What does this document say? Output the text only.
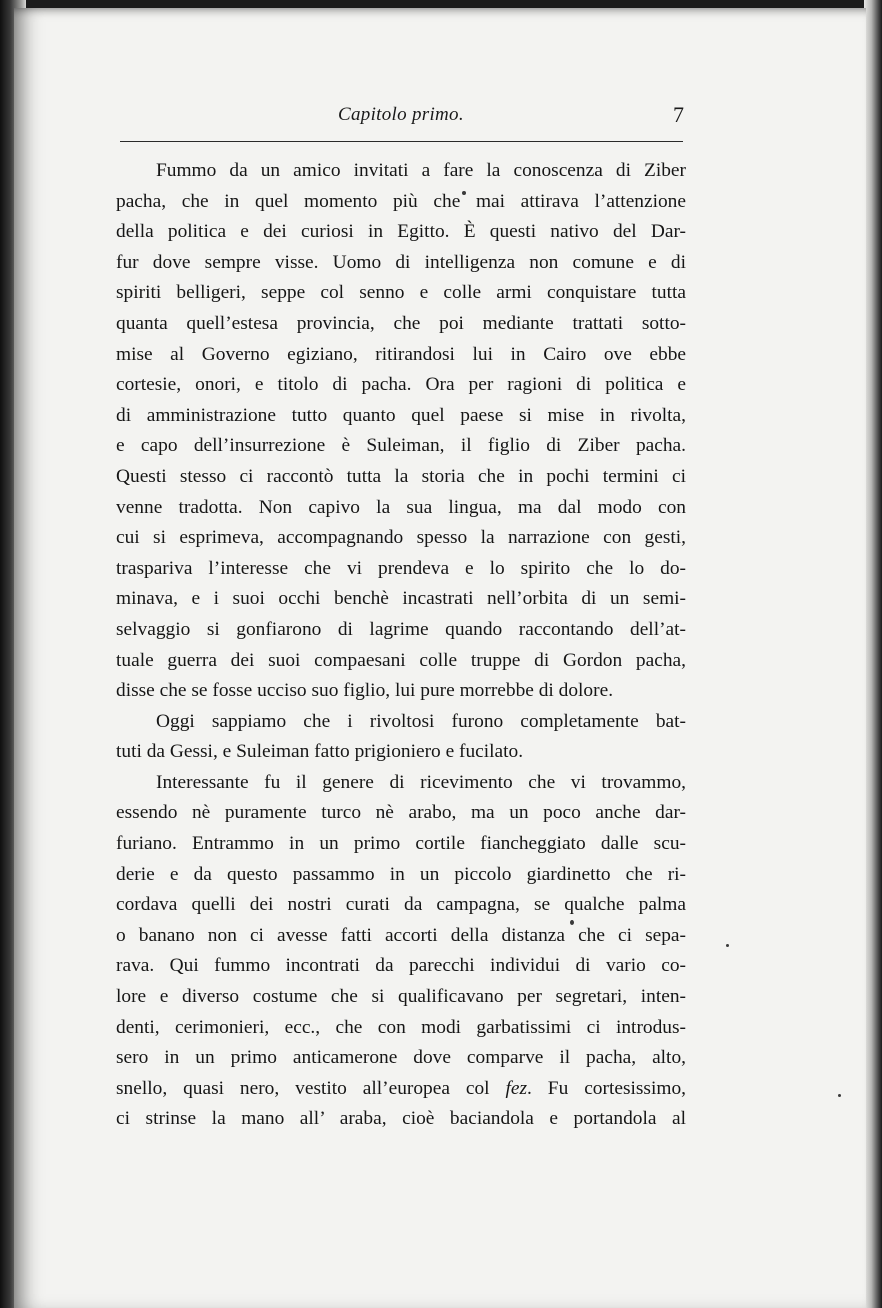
Capitolo primo.	7
Fummo da un amico invitati a fare la conoscenza di Ziber
pacha, che in quel momento più che mai attirava l’attenzione
della politica e dei curiosi in Egitto. È questi nativo del Dar-
fur dove sempre visse. Uomo di intelligenza non comune e di
spiriti belligeri, seppe col senno e colle armi conquistare tutta
quanta quell’estesa provincia, che poi mediante trattati sotto-
mise al Governo egiziano, ritirandosi lui in Cairo ove ebbe
cortesie, onori, e titolo di pacha. Ora per ragioni di politica e
di amministrazione tutto quanto quel paese si mise in rivolta,
e capo dell’insurrezione è Suleiman, il figlio di Ziber pacha.
Questi stesso ci raccontò tutta la storia che in pochi termini ci
venne tradotta. Non capivo la sua lingua, ma dal modo con
cui si esprimeva, accompagnando spesso la narrazione con gesti,
traspariva l’interesse che vi prendeva e lo spirito che lo do-
minava, e i suoi occhi benchè incastrati nell’orbita di un semi-
selvaggio si gonfiarono di lagrime quando raccontando dell’at-
tuale guerra dei suoi compaesani colle truppe di Gordon pacha,
disse che se fosse ucciso suo figlio, lui pure morrebbe di dolore.
Oggi sappiamo che i rivoltosi furono completamente bat-
tuti da Gessi, e Suleiman fatto prigioniero e fucilato.
Interessante fu il genere di ricevimento che vi trovammo,
essendo nè puramente turco nè arabo, ma un poco anche dar-
furiano. Entrammo in un primo cortile fiancheggiato dalle scu-
derie e da questo passammo in un piccolo giardinetto che ri-
cordava quelli dei nostri curati da campagna, se qualche palma
o banano non ci avesse fatti accorti della distanza che ci sepa-
rava. Qui fummo incontrati da parecchi individui di vario co-
lore e diverso costume che si qualificavano per segretari, inten-
denti, cerimonieri, ecc., che con modi garbatissimi ci introdus-
sero in un primo anticamerone dove comparve il pacha, alto,
snello, quasi nero, vestito all’europea col fez. Fu cortesissimo,
ci strinse la mano all’ araba, cioè baciandola e portandola al
